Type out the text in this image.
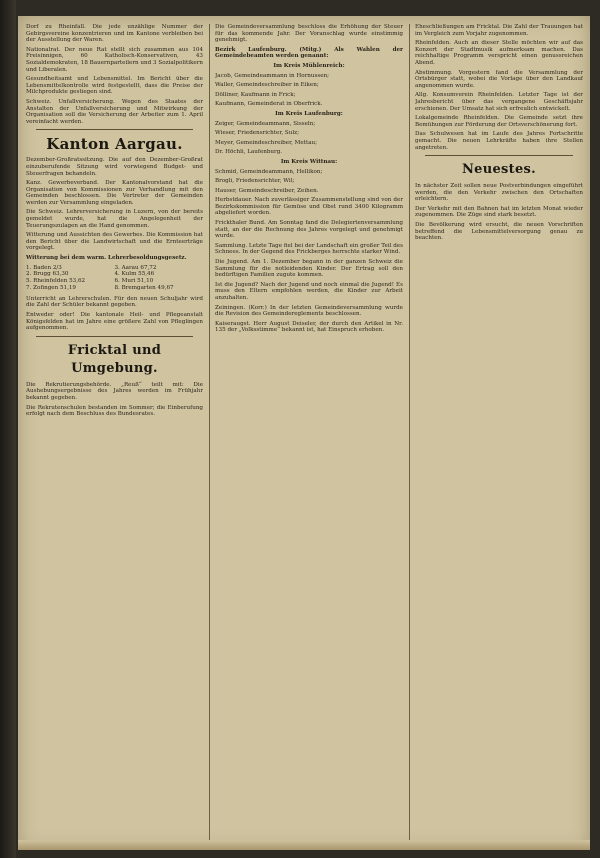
Dorf zu Rheinfall. Die jede unzählige Nummer der Gebirgsvereine konzentrieren und im Kantone verbleiben bei der Ausstellung der Waren.

Nationalrat. Der neue Rat stellt sich zusammen aus 104 Freisinnigen, 60 Katholisch-Konservativen, 43 Sozialdemokraten, 18 Bauernparteilern und 3 Sozialpolitikern und Liberalen.

Gesundheitsamt und Lebensmittel. Im Bericht über die Lebensmittelkontrolle wird festgestellt, dass die Preise der Milchprodukte gestiegen sind.

Schweiz. Unfallversicherung. Wegen des Staates der Anstalten der Unfallversicherung und Mitwirkung der Organisation soll die Versicherung der Arbeiter zum 1. April vereinfacht werden.

Kanton Aargau.

Dezember-Großratssitzung. Die auf den Dezember-Großrat einzuberufende Sitzung wird vorwiegend Budget- und Steuerfragen behandeln.

Kanz. Gewerbeverband. Der Kantonalvorstand hat die Organisation von Kommissionen zur Verhandlung mit den Gemeinden beschlossen. Die Vertreter der Gemeinden werden zur Versammlung eingeladen.

Die Schweiz. Lehrerversicherung in Luzern, von der bereits gemeldet wurde, hat die Angelegenheit der Teuerungszulagen an die Hand genommen.

Witterung und Aussichten des Gewerbes. Die Kommission hat den Bericht über die Landwirtschaft und die Ernteerträge vorgelegt.

Witterung bei dem warm. Lehrerbesoldungsgesetz.

1. Baden 2/3	3. Aarau 67,72
2. Brugg 63,30	4. Kulm 55,46
5. Rheinfelden 53,62	6. Muri 51,10
7. Zofingen 51,19	8. Bremgarten 49,67

Unterricht an Lehrerschulen. Für den neuen Schuljahr wird die Zahl der Schüler bekannt gegeben.

Entweder oder! Die kantonale Heil- und Pflegeanstalt Königsfelden hat im Jahre eine größere Zahl von Pfleglingen aufgenommen.

Fricktal und Umgebung.

Die Rekrutierungsbehörde. „Reuß“ teilt mit: Die Aushebungsergebnisse des Jahres werden im Frühjahr bekannt gegeben.

Die Rekrutenschulen bestanden im Sommer; die Einberufung erfolgt nach dem Beschluss des Bundesrates.

Die Gemeindeversammlung beschloss die Erhöhung der Steuer für das kommende Jahr. Der Voranschlag wurde einstimmig genehmigt.

Bezirk Laufenburg. (Mitg.) Als Wahlen der Gemeindebeamten werden genannt:

Im Kreis Mühlenreich:

Jacob, Gemeindeammann in Hornussen;

Waller, Gemeindeschreiber in Eiken;

Dölliner, Kaufmann in Frick;

Kaufmann, Gemeinderat in Oberfrick.

Im Kreis Laufenburg:

Zeiger, Gemeindeammann, Sisseln;

Wieser, Friedensrichter, Sulz;

Meyer, Gemeindeschreiber, Mettau;

Dr. Höchli, Laufenburg.

Im Kreis Wittnau:

Schmid, Gemeindeammann, Hellikon;

Brogli, Friedensrichter, Wil;

Hauser, Gemeindeschreiber, Zeihen.

Herbstdauer. Nach zuverlässiger Zusammenstellung sind von der Bezirkskommission für Gemüse und Obst rund 3400 Kilogramm abgeliefert worden.

Frickthaler Bund. Am Sonntag fand die Delegiertenversammlung statt, an der die Rechnung des Jahres vorgelegt und genehmigt wurde.

Sammlung. Letzte Tage fiel bei der Landschaft ein großer Teil des Schnees. In der Gegend des Frickberges herrschte starker Wind.

Die Jugend. Am 1. Dezember begann in der ganzen Schweiz die Sammlung für die notleidenden Kinder. Der Ertrag soll den bedürftigen Familien zugute kommen.

Ist die Jugend? Nach der Jugend und noch einmal die Jugend! Es muss den Eltern empfohlen werden, die Kinder zur Arbeit anzuhalten.

Zeiningen. (Korr.) In der letzten Gemeindeversammlung wurde die Revision des Gemeindereglements beschlossen.

Kaiseraugst. Herr August Deiseler, der durch den Artikel in Nr. 135 der „Volksstimme“ bekannt ist, hat Einspruch erhoben.

Eheschließungen am Fricktal. Die Zahl der Trauungen hat im Vergleich zum Vorjahr zugenommen.

Rheinfelden. Auch an dieser Stelle möchten wir auf das Konzert der Stadtmusik aufmerksam machen. Das reichhaltige Programm verspricht einen genussreichen Abend.

Abstimmung. Vorgestern fand die Versammlung der Ortsbürger statt, wobei die Vorlage über den Landkauf angenommen wurde.

Allg. Konsumverein Rheinfelden. Letzter Tage ist der Jahresbericht über das vergangene Geschäftsjahr erschienen. Der Umsatz hat sich erfreulich entwickelt.

Lokalgemeinde Rheinfelden. Die Gemeinde setzt ihre Bemühungen zur Förderung der Ortsverschönerung fort.

Das Schulwesen hat im Laufe des Jahres Fortschritte gemacht. Die neuen Lehrkräfte haben ihre Stellen angetreten.

Neuestes.

In nächster Zeit sollen neue Postverbindungen eingeführt werden, die den Verkehr zwischen den Ortschaften erleichtern.

Der Verkehr mit den Bahnen hat im letzten Monat wieder zugenommen. Die Züge sind stark besetzt.

Die Bevölkerung wird ersucht, die neuen Vorschriften betreffend die Lebensmittelversorgung genau zu beachten.
